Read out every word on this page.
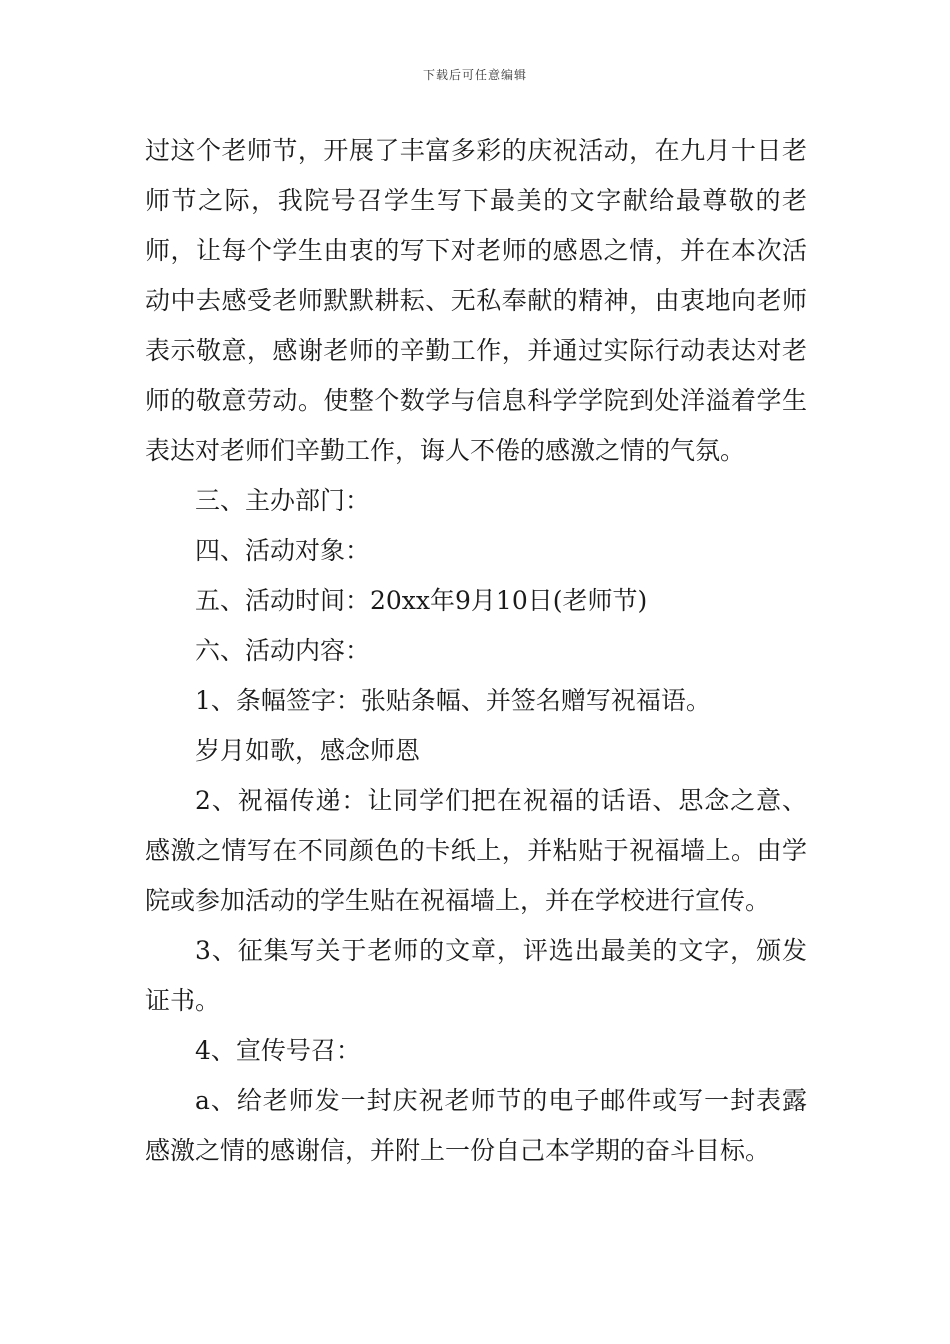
下载后可任意编辑

过这个老师节，开展了丰富多彩的庆祝活动，在九月十日老师节之际，我院号召学生写下最美的文字献给最尊敬的老师，让每个学生由衷的写下对老师的感恩之情，并在本次活动中去感受老师默默耕耘、无私奉献的精神，由衷地向老师表示敬意，感谢老师的辛勤工作，并通过实际行动表达对老师的敬意劳动。使整个数学与信息科学学院到处洋溢着学生表达对老师们辛勤工作，诲人不倦的感激之情的气氛。

三、主办部门：

四、活动对象：

五、活动时间：20xx年9月10日(老师节)

六、活动内容：

1、条幅签字：张贴条幅、并签名赠写祝福语。

岁月如歌，感念师恩

2、祝福传递：让同学们把在祝福的话语、思念之意、感激之情写在不同颜色的卡纸上，并粘贴于祝福墙上。由学院或参加活动的学生贴在祝福墙上，并在学校进行宣传。

3、征集写关于老师的文章，评选出最美的文字，颁发证书。

4、宣传号召：

a、给老师发一封庆祝老师节的电子邮件或写一封表露感激之情的感谢信，并附上一份自己本学期的奋斗目标。
